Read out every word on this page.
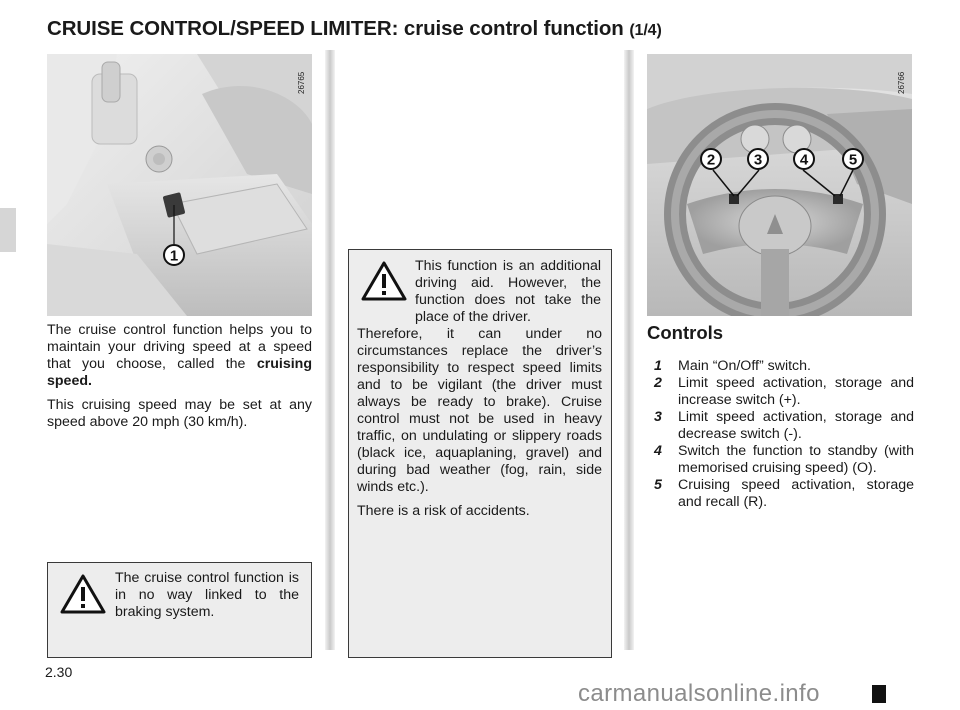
CRUISE CONTROL/SPEED LIMITER: cruise control function (1/4)
1
26765

The cruise control function helps you to maintain your driving speed at a speed that you choose, called the cruising speed.

This cruising speed may be set at any speed above 20 mph (30 km/h).

The cruise control function is in no way linked to the braking system.

This function is an additional driving aid. However, the function does not take the place of the driver.

Therefore, it can under no circumstances replace the driver’s responsibility to respect speed limits and to be vigilant (the driver must always be ready to brake). Cruise control must not be used in heavy traffic, on undulating or slippery roads (black ice, aquaplaning, gravel) and during bad weather (fog, rain, side winds etc.).

There is a risk of accidents.

2	3	4	5
26766
Controls
1	Main “On/Off” switch.
2	Limit speed activation, storage and increase switch (+).
3	Limit speed activation, storage and decrease switch (-).
4	Switch the function to standby (with memorised cruising speed) (O).
5	Cruising speed activation, storage and recall (R).
2.30
carmanualsonline.info
